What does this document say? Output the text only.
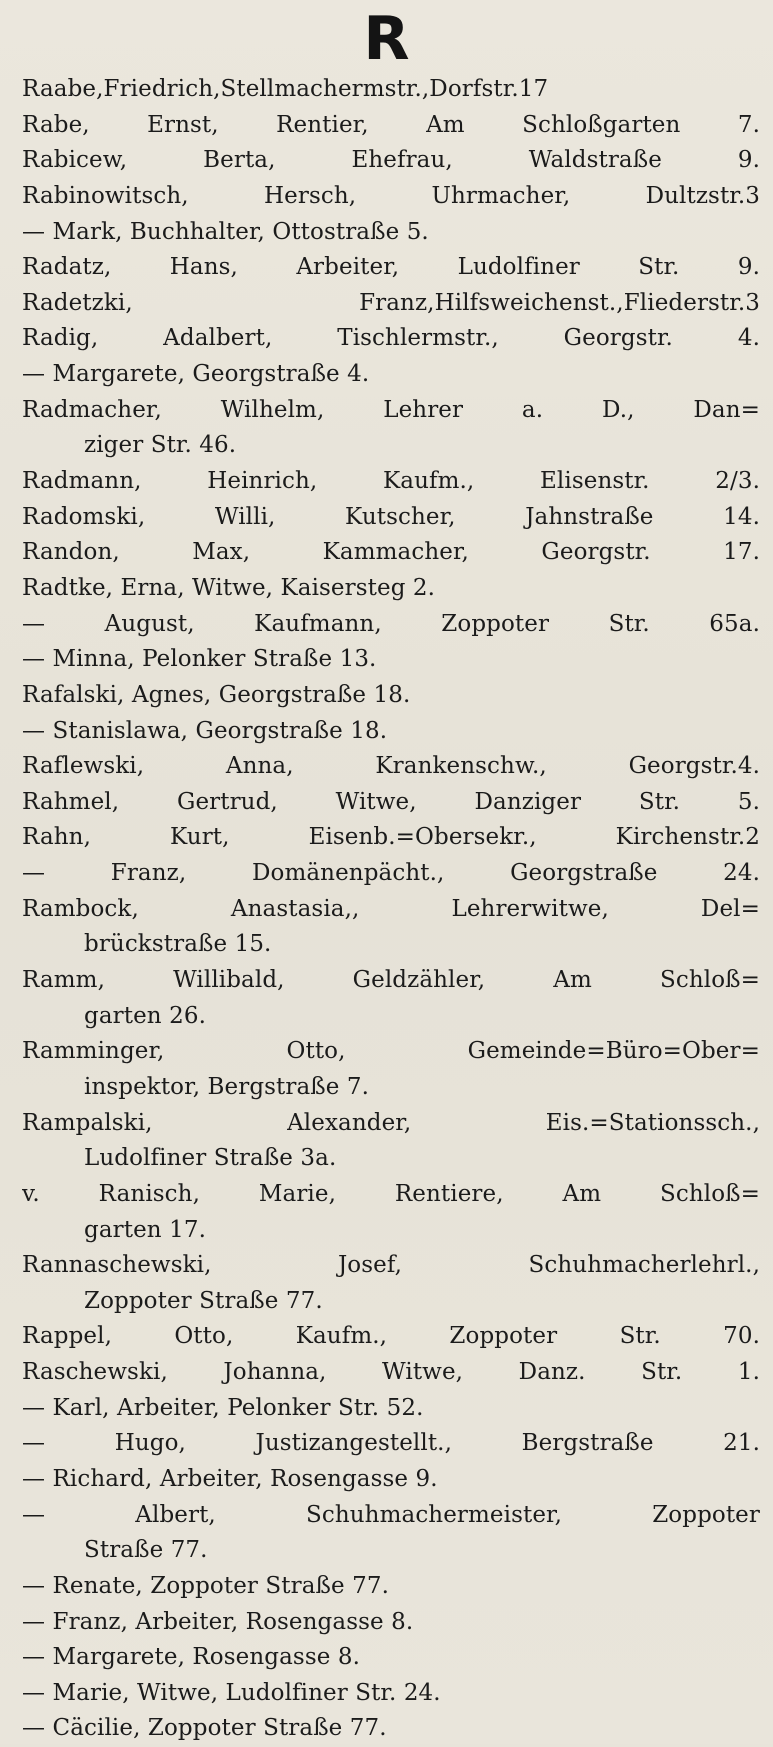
R
Raabe,Friedrich,Stellmachermstr.,Dorfstr.17
Rabe, Ernst, Rentier, Am Schloßgarten 7.
Rabicew, Berta, Ehefrau, Waldstraße 9.
Rabinowitsch, Hersch, Uhrmacher, Dultzstr.3
— Mark, Buchhalter, Ottostraße 5.
Radatz, Hans, Arbeiter, Ludolfiner Str. 9.
Radetzki, Franz,Hilfsweichenst.,Fliederstr.3
Radig, Adalbert, Tischlermstr., Georgstr. 4.
— Margarete, Georgstraße 4.
Radmacher, Wilhelm, Lehrer a. D., Dan=
ziger Str. 46.
Radmann, Heinrich, Kaufm., Elisenstr. 2/3.
Radomski, Willi, Kutscher, Jahnstraße 14.
Randon, Max, Kammacher, Georgstr. 17.
Radtke, Erna, Witwe, Kaisersteg 2.
— August, Kaufmann, Zoppoter Str. 65a.
— Minna, Pelonker Straße 13.
Rafalski, Agnes, Georgstraße 18.
— Stanislawa, Georgstraße 18.
Raflewski, Anna, Krankenschw., Georgstr.4.
Rahmel, Gertrud, Witwe, Danziger Str. 5.
Rahn, Kurt, Eisenb.=Obersekr., Kirchenstr.2
— Franz, Domänenpächt., Georgstraße 24.
Rambock, Anastasia,, Lehrerwitwe, Del=
brückstraße 15.
Ramm, Willibald, Geldzähler, Am Schloß=
garten 26.
Ramminger, Otto, Gemeinde=Büro=Ober=
inspektor, Bergstraße 7.
Rampalski, Alexander, Eis.=Stationssch.,
Ludolfiner Straße 3a.
v. Ranisch, Marie, Rentiere, Am Schloß=
garten 17.
Rannaschewski, Josef, Schuhmacherlehrl.,
Zoppoter Straße 77.
Rappel, Otto, Kaufm., Zoppoter Str. 70.
Raschewski, Johanna, Witwe, Danz. Str. 1.
— Karl, Arbeiter, Pelonker Str. 52.
— Hugo, Justizangestellt., Bergstraße 21.
— Richard, Arbeiter, Rosengasse 9.
— Albert, Schuhmachermeister, Zoppoter
Straße 77.
— Renate, Zoppoter Straße 77.
— Franz, Arbeiter, Rosengasse 8.
— Margarete, Rosengasse 8.
— Marie, Witwe, Ludolfiner Str. 24.
— Cäcilie, Zoppoter Straße 77.
